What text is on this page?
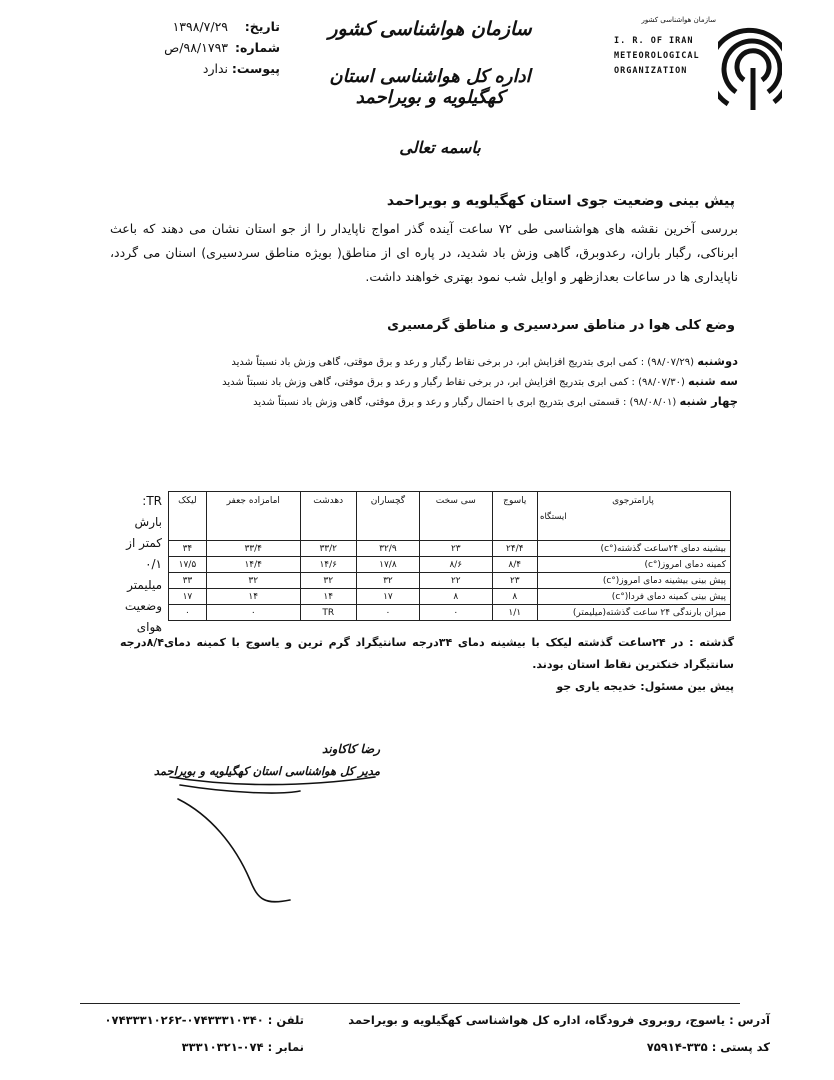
سازمان هواشناسی کشور
I. R. OF IRAN
METEOROLOGICAL
ORGANIZATION
سازمان هواشناسی کشور
اداره کل هواشناسی استان کهگیلویه و بویراحمد
باسمه تعالی
تاریخ:
۱۳۹۸/۷/۲۹
شماره:
۹۸/۱۷۹۳/ص
پیوست:
ندارد
پیش بینی وضعیت جوی استان کهگیلویه و بویراحمد
بررسی آخرین نقشه های هواشناسی طی ۷۲ ساعت آینده گذر امواج ناپایدار را از جو استان نشان می دهند که باعث ابرناکی، رگبار باران، رعدوبرق، گاهی وزش باد شدید، در پاره ای از مناطق( بویژه مناطق سردسیری) اسنان می گردد، ناپایداری ها در ساعات بعدازظهر و اوایل شب نمود بهتری خواهند داشت.
وضع کلی هوا در مناطق سردسیری و مناطق گرمسیری
دوشنبه (۹۸/۰۷/۲۹) : کمی ابری بتدریج افزایش ابر، در برخی نقاط رگبار و رعد و برق موقتی، گاهی وزش باد نسبتاً شدید
سه شنبه (۹۸/۰۷/۳۰) : کمی ابری بتدریج افزایش ابر، در برخی نقاط رگبار و رعد و برق موقتی، گاهی وزش باد نسبتاً شدید
چهار شنبه (۹۸/۰۸/۰۱) : قسمتی ابری بتدریج ابری با احتمال رگبار و رعد و برق موقتی، گاهی وزش باد نسبتاً شدید
TR: بارش کمتر از ۰/۱ میلیمتر وضعیت هوای
پارامترجوی
ایستگاه	یاسوج	سی سخت	گچساران	دهدشت	امامزاده جعفر	لیکک
بیشینه دمای ۲۴ساعت گذشته(°c)	۲۴/۴	۲۳	۳۲/۹	۳۳/۲	۳۳/۴	۳۴
کمینه دمای امروز(°c)	۸/۴	۸/۶	۱۷/۸	۱۴/۶	۱۴/۴	۱۷/۵
پیش بینی بیشینه دمای امروز(°c)	۲۳	۲۲	۳۲	۳۲	۳۲	۳۳
پیش بینی کمینه دمای فردا(°c)	۸	۸	۱۷	۱۴	۱۴	۱۷
میزان بارندگی ۲۴ ساعت گذشته(میلیمتر)	۱/۱	۰	۰	TR	۰	۰
گذشته : در ۲۴ساعت گذشته لیکک با بیشینه دمای ۳۴درجه سانتیگراد گرم ترین و یاسوج با کمینه دمای۸/۴درجه سانتیگراد خنکترین نقاط استان بودند.
پیش بین مسئول: خدیجه یاری جو
رضا کاکاوند
مدیر کل هواشناسی استان کهگیلویه و بویراحمد
آدرس : یاسوج، روبروی فرودگاه، اداره کل هواشناسی کهگیلویه و بویراحمد
کد پستی : ۳۳۵-۷۵۹۱۴
تلفن : ۰۷۴۳۳۳۱۰۳۴۰-۰۷۴۳۳۳۱۰۲۶۲
نمابر : ۰۷۴-۳۳۳۱۰۳۲۱
